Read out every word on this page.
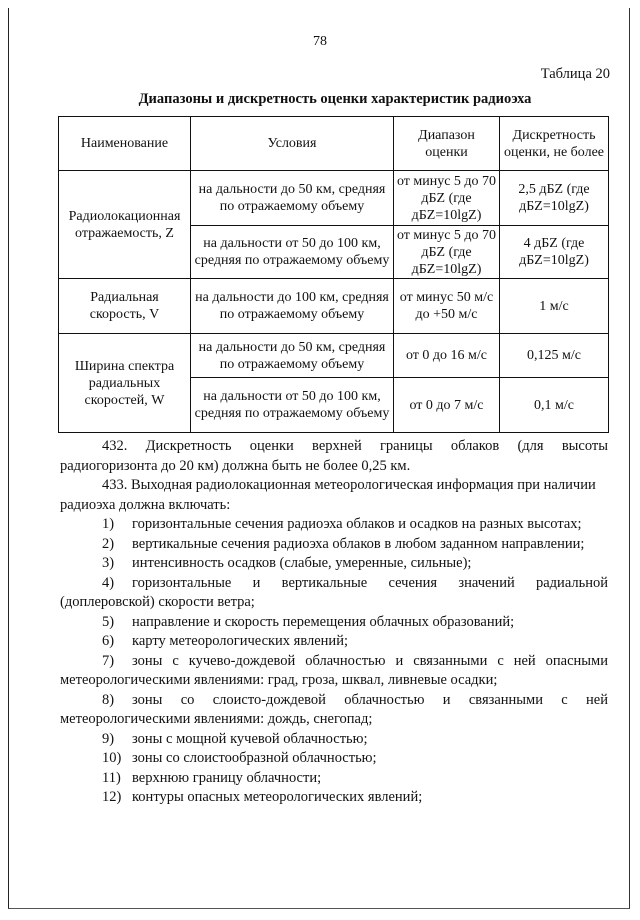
78
Таблица 20
Диапазоны и дискретность оценки характеристик радиоэха
Наименование	Условия	Диапазон оценки	Дискретность оценки, не более
Радиолокационная отражаемость, Z	на дальности до 50 км, средняя по отражаемому объему	от минус 5 до 70 дБZ (где дБZ=10lgZ)	2,5 дБZ (где дБZ=10lgZ)
	на дальности от 50 до 100 км, средняя по отражаемому объему	от минус 5 до 70 дБZ (где дБZ=10lgZ)	4 дБZ (где дБZ=10lgZ)
Радиальная скорость, V	на дальности до 100 км, средняя по отражаемому объему	от минус 50 м/с до +50 м/с	1 м/с
Ширина спектра радиальных скоростей, W	на дальности до 50 км, средняя по отражаемому объему	от 0 до 16 м/с	0,125 м/с
	на дальности от 50 до 100 км, средняя по отражаемому объему	от 0 до 7 м/с	0,1 м/с

432. Дискретность оценки верхней границы облаков (для высоты

радиогоризонта до 20 км) должна быть не более 0,25 км.

433. Выходная радиолокационная метеорологическая информация при наличии

радиоэха должна включать:

1) горизонтальные сечения радиоэха облаков и осадков на разных высотах;

2) вертикальные сечения радиоэха облаков в любом заданном направлении;

3) интенсивность осадков (слабые, умеренные, сильные);

4) горизонтальные и вертикальные сечения значений радиальной

(доплеровской) скорости ветра;

5) направление и скорость перемещения облачных образований;

6) карту метеорологических явлений;

7) зоны с кучево-дождевой облачностью и связанными с ней опасными

метеорологическими явлениями: град, гроза, шквал, ливневые осадки;

8) зоны со слоисто-дождевой облачностью и связанными с ней

метеорологическими явлениями: дождь, снегопад;

9) зоны с мощной кучевой облачностью;

10) зоны со слоистообразной облачностью;

11) верхнюю границу облачности;

12) контуры опасных метеорологических явлений;
